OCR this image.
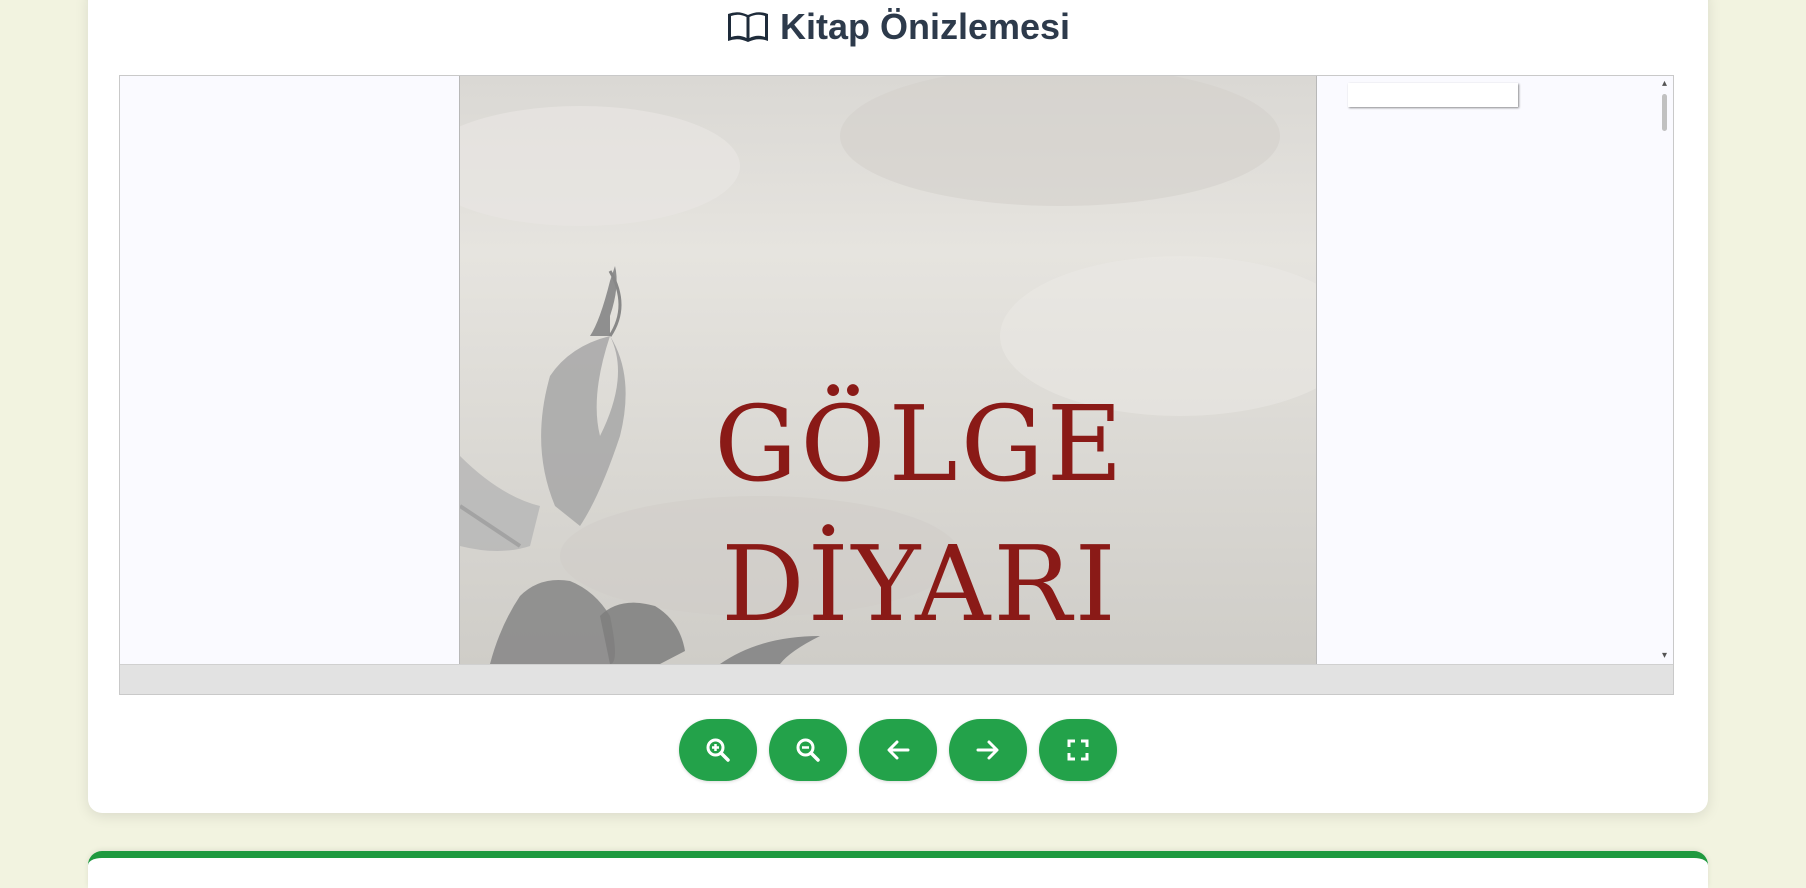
Kitap Önizlemesi
GÖLGE
DİYARI
▴
▾
